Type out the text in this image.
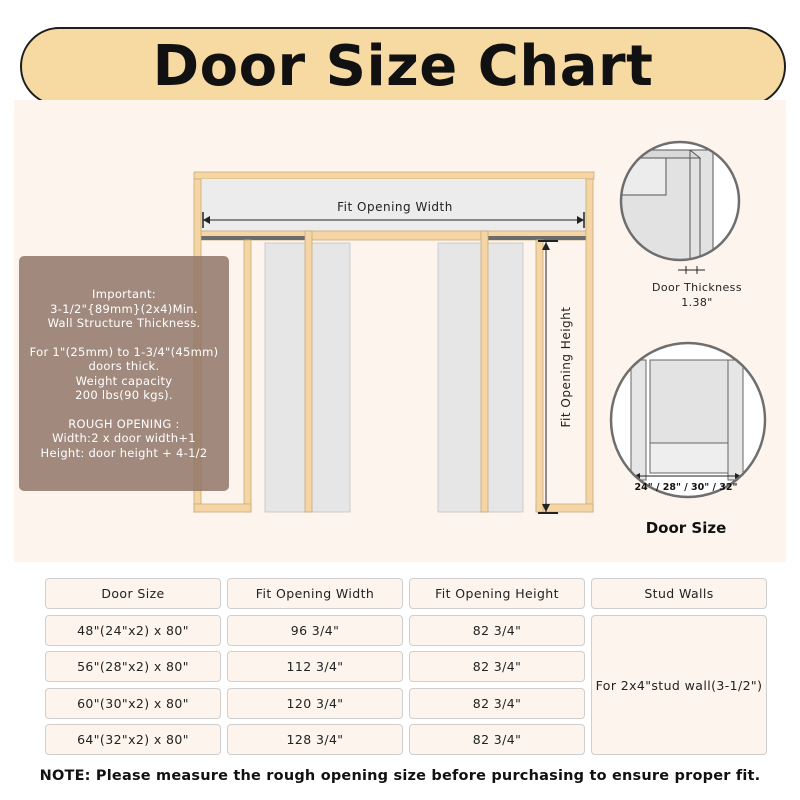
Door Size Chart
Fit Opening Width
Fit Opening Height
Important:
3-1/2"{89mm}(2x4)Min.
Wall Structure Thickness.
For 1"(25mm) to 1-3/4"(45mm)
doors thick.
Weight capacity
200 lbs(90 kgs).
ROUGH OPENING :
Width:2 x door width+1
Height: door height + 4-1/2
Door Thickness
1.38"
24" / 28" / 30" / 32"
Door Size
Door Size	Fit Opening Width	Fit Opening Height	Stud Walls
48"(24"x2) x 80"	96 3/4"	82 3/4"
56"(28"x2) x 80"	112 3/4"	82 3/4"
60"(30"x2) x 80"	120 3/4"	82 3/4"
64"(32"x2) x 80"	128 3/4"	82 3/4"
For 2x4"stud wall(3-1/2")
NOTE: Please measure the rough opening size before purchasing to ensure proper fit.
